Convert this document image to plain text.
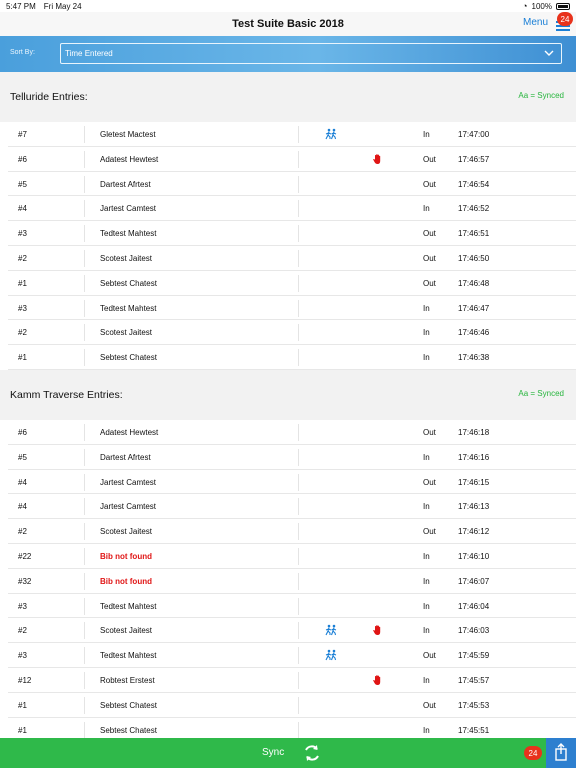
5:47 PM Fri May 24	◔ 100%
Test Suite Basic 2018	Menu	24
Sort By:	Time Entered
Telluride Entries:	Aa = Synced
#7	Gletest Mactest	In	17:47:00
#6	Adatest Hewtest	Out	17:46:57
#5	Dartest Afrtest	Out	17:46:54
#4	Jartest Camtest	In	17:46:52
#3	Tedtest Mahtest	Out	17:46:51
#2	Scotest Jaitest	Out	17:46:50
#1	Sebtest Chatest	Out	17:46:48
#3	Tedtest Mahtest	In	17:46:47
#2	Scotest Jaitest	In	17:46:46
#1	Sebtest Chatest	In	17:46:38
Kamm Traverse Entries:	Aa = Synced
#6	Adatest Hewtest	Out	17:46:18
#5	Dartest Afrtest	In	17:46:16
#4	Jartest Camtest	Out	17:46:15
#4	Jartest Camtest	In	17:46:13
#2	Scotest Jaitest	Out	17:46:12
#22	Bib not found	In	17:46:10
#32	Bib not found	In	17:46:07
#3	Tedtest Mahtest	In	17:46:04
#2	Scotest Jaitest	In	17:46:03
#3	Tedtest Mahtest	Out	17:45:59
#12	Robtest Erstest	In	17:45:57
#1	Sebtest Chatest	Out	17:45:53
#1	Sebtest Chatest	In	17:45:51
Sync	24
